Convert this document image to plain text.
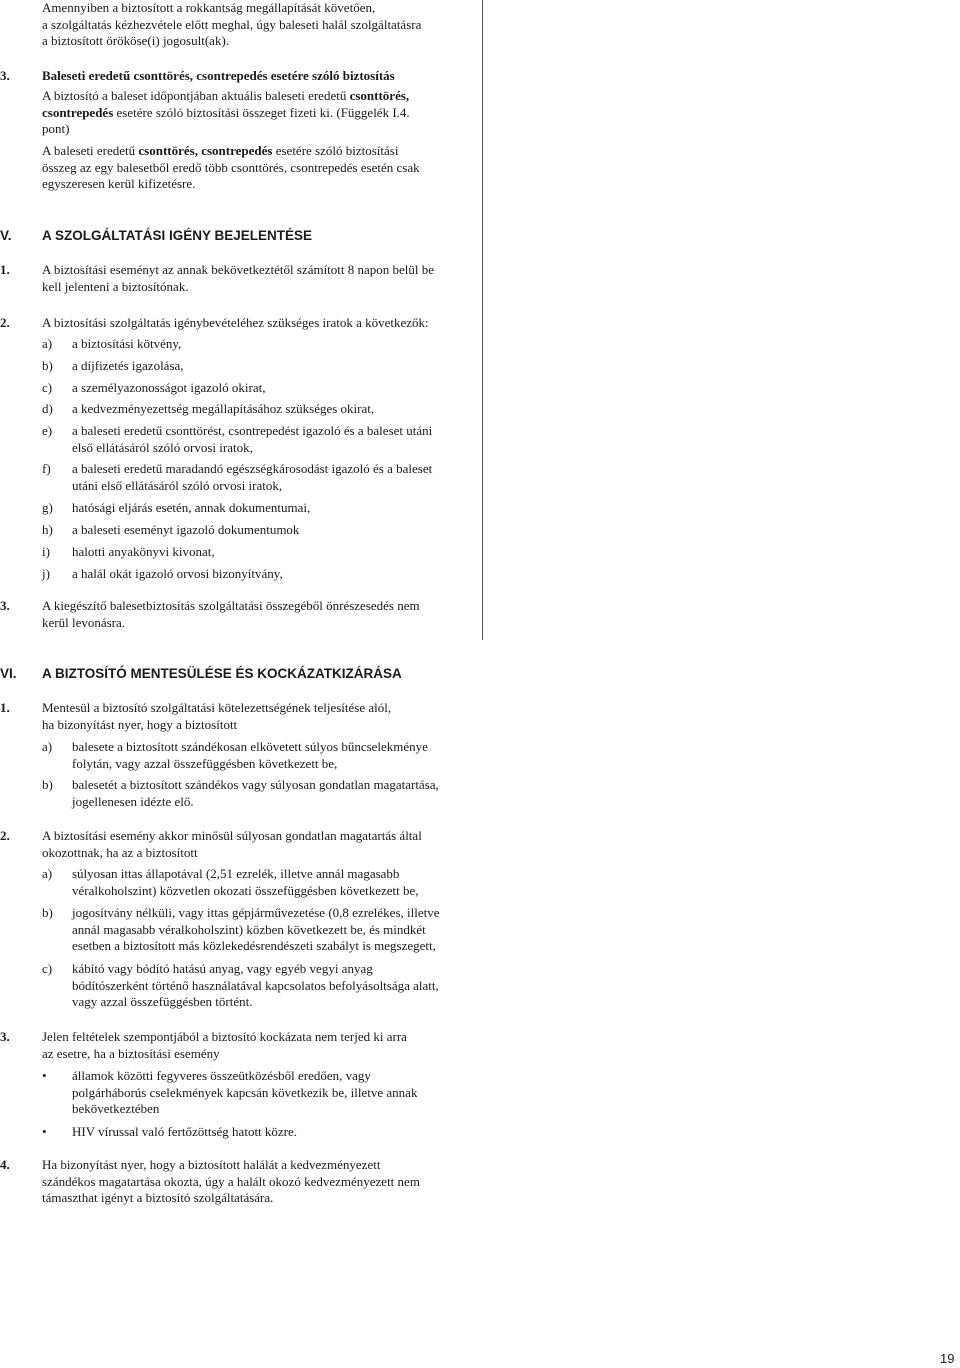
Amennyiben a biztosított a rokkantság megállapítását követően,
a szolgáltatás kézhezvétele előtt meghal, úgy baleseti halál szolgáltatásra
a biztosított örököse(i) jogosult(ak).
3.	Baleseti eredetű csonttörés, csontrepedés esetére szóló biztosítás
A biztosító a baleset időpontjában aktuális baleseti eredetű csonttörés,
csontrepedés esetére szóló biztosítási összeget fizeti ki. (Függelék I.4.
pont)
A baleseti eredetű csonttörés, csontrepedés esetére szóló biztosítási
összeg az egy balesetből eredő több csonttörés, csontrepedés esetén csak
egyszeresen kerül kifizetésre.
V.	A SZOLGÁLTATÁSI IGÉNY BEJELENTÉSE
1.	A biztosítási eseményt az annak bekövetkeztétől számított 8 napon belül be
kell jelenteni a biztosítónak.
2.	A biztosítási szolgáltatás igénybevételéhez szükséges iratok a következők:
a)	a biztosítási kötvény,
b)	a díjfizetés igazolása,
c)	a személyazonosságot igazoló okirat,
d)	a kedvezményezettség megállapításához szükséges okirat,
e)	a baleseti eredetű csonttörést, csontrepedést igazoló és a baleset utáni
első ellátásáról szóló orvosi iratok,
f)	a baleseti eredetű maradandó egészségkárosodást igazoló és a baleset
utáni első ellátásáról szóló orvosi iratok,
g)	hatósági eljárás esetén, annak dokumentumai,
h)	a baleseti eseményt igazoló dokumentumok
i)	halotti anyakönyvi kivonat,
j)	a halál okát igazoló orvosi bizonyítvány,
3.	A kiegészítő balesetbiztosítás szolgáltatási összegéből önrészesedés nem
kerül levonásra.
VI.	A BIZTOSÍTÓ MENTESÜLÉSE ÉS KOCKÁZATKIZÁRÁSA
1.	Mentesül a biztosító szolgáltatási kötelezettségének teljesítése alól,
ha bizonyítást nyer, hogy a biztosított
a)	balesete a biztosított szándékosan elkövetett súlyos bűncselekménye
folytán, vagy azzal összefüggésben következett be,
b)	balesetét a biztosított szándékos vagy súlyosan gondatlan magatartása,
jogellenesen idézte elő.
2.	A biztosítási esemény akkor minősül súlyosan gondatlan magatartás által
okozottnak, ha az a biztosított
a)	súlyosan ittas állapotával (2,51 ezrelék, illetve annál magasabb
véralkoholszint) közvetlen okozati összefüggésben következett be,
b)	jogosítvány nélküli, vagy ittas gépjárművezetése (0,8 ezrelékes, illetve
annál magasabb véralkoholszint) közben következett be, és mindkét
esetben a biztosított más közlekedésrendészeti szabályt is megszegett,
c)	kábító vagy bódító hatású anyag, vagy egyéb vegyi anyag
bódítószerként történő használatával kapcsolatos befolyásoltsága alatt,
vagy azzal összefüggésben történt.
3.	Jelen feltételek szempontjából a biztosító kockázata nem terjed ki arra
az esetre, ha a biztosítási esemény
•	államok közötti fegyveres összeütközésből eredően, vagy
polgárháborús cselekmények kapcsán következik be, illetve annak
bekövetkeztében
•	HIV vírussal való fertőzöttség hatott közre.
4.	Ha bizonyítást nyer, hogy a biztosított halálát a kedvezményezett
szándékos magatartása okozta, úgy a halált okozó kedvezményezett nem
támaszthat igényt a biztosító szolgáltatására.
19
